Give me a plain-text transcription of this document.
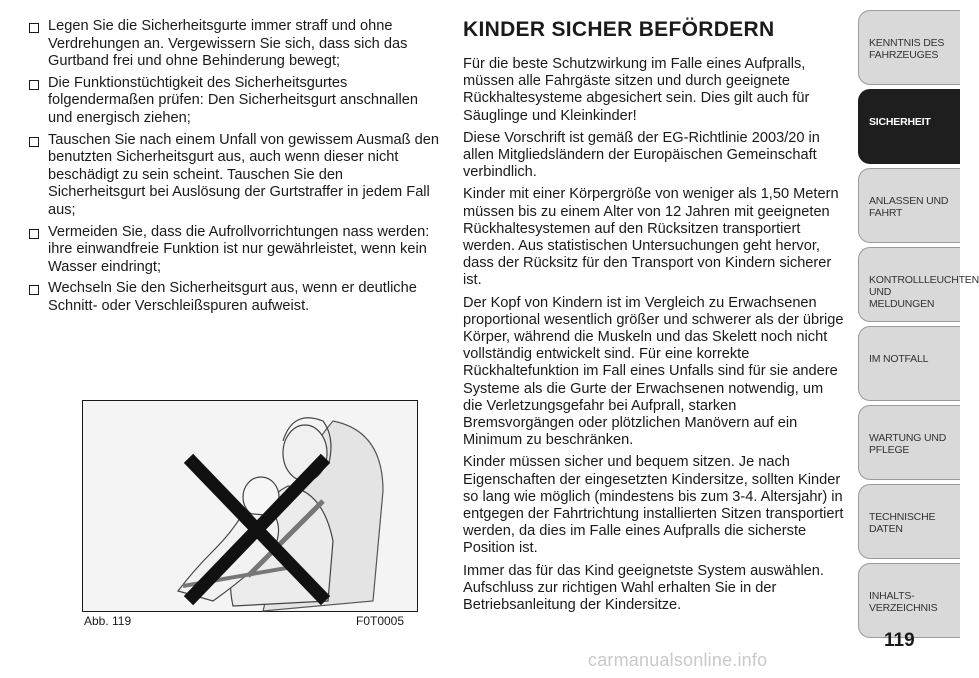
Legen Sie die Sicherheitsgurte immer straff und ohne Verdrehungen an. Vergewissern Sie sich, dass sich das Gurtband frei und ohne Behinderung bewegt;
Die Funktionstüchtigkeit des Sicherheitsgurtes folgendermaßen prüfen: Den Sicherheitsgurt anschnallen und energisch ziehen;
Tauschen Sie nach einem Unfall von gewissem Ausmaß den benutzten Sicherheitsgurt aus, auch wenn dieser nicht beschädigt zu sein scheint. Tauschen Sie den Sicherheitsgurt bei Auslösung der Gurtstraffer in jedem Fall aus;
Vermeiden Sie, dass die Aufrollvorrichtungen nass werden: ihre einwandfreie Funktion ist nur gewährleistet, wenn kein Wasser eindringt;
Wechseln Sie den Sicherheitsgurt aus, wenn er deutliche Schnitt- oder Verschleißspuren aufweist.
Abb. 119	F0T0005
KINDER SICHER BEFÖRDERN

Für die beste Schutzwirkung im Falle eines Aufpralls, müssen alle Fahrgäste sitzen und durch geeignete Rückhaltesysteme abgesichert sein. Dies gilt auch für Säuglinge und Kleinkinder!

Diese Vorschrift ist gemäß der EG-Richtlinie 2003/20 in allen Mitgliedsländern der Europäischen Gemeinschaft verbindlich.

Kinder mit einer Körpergröße von weniger als 1,50 Metern müssen bis zu einem Alter von 12 Jahren mit geeigneten Rückhaltesystemen auf den Rücksitzen transportiert werden. Aus statistischen Untersuchungen geht hervor, dass der Rücksitz für den Transport von Kindern sicherer ist.

Der Kopf von Kindern ist im Vergleich zu Erwachsenen proportional wesentlich größer und schwerer als der übrige Körper, während die Muskeln und das Skelett noch nicht vollständig entwickelt sind. Für eine korrekte Rückhaltefunktion im Fall eines Unfalls sind für sie andere Systeme als die Gurte der Erwachsenen notwendig, um die Verletzungsgefahr bei Aufprall, starken Bremsvorgängen oder plötzlichen Manövern auf ein Minimum zu beschränken.

Kinder müssen sicher und bequem sitzen. Je nach Eigenschaften der eingesetzten Kindersitze, sollten Kinder so lang wie möglich (mindestens bis zum 3-4. Altersjahr) in entgegen der Fahrtrichtung installierten Sitzen transportiert werden, da dies im Falle eines Aufpralls die sicherste Position ist.

Immer das für das Kind geeignetste System auswählen. Aufschluss zur richtigen Wahl erhalten Sie in der Betriebsanleitung der Kindersitze.

KENNTNIS DES
FAHRZEUGES
SICHERHEIT
ANLASSEN UND
FAHRT
KONTROLLLEUCHTEN
UND MELDUNGEN
IM NOTFALL
WARTUNG UND
PFLEGE
TECHNISCHE DATEN
INHALTS-
VERZEICHNIS
119
carmanualsonline.info
